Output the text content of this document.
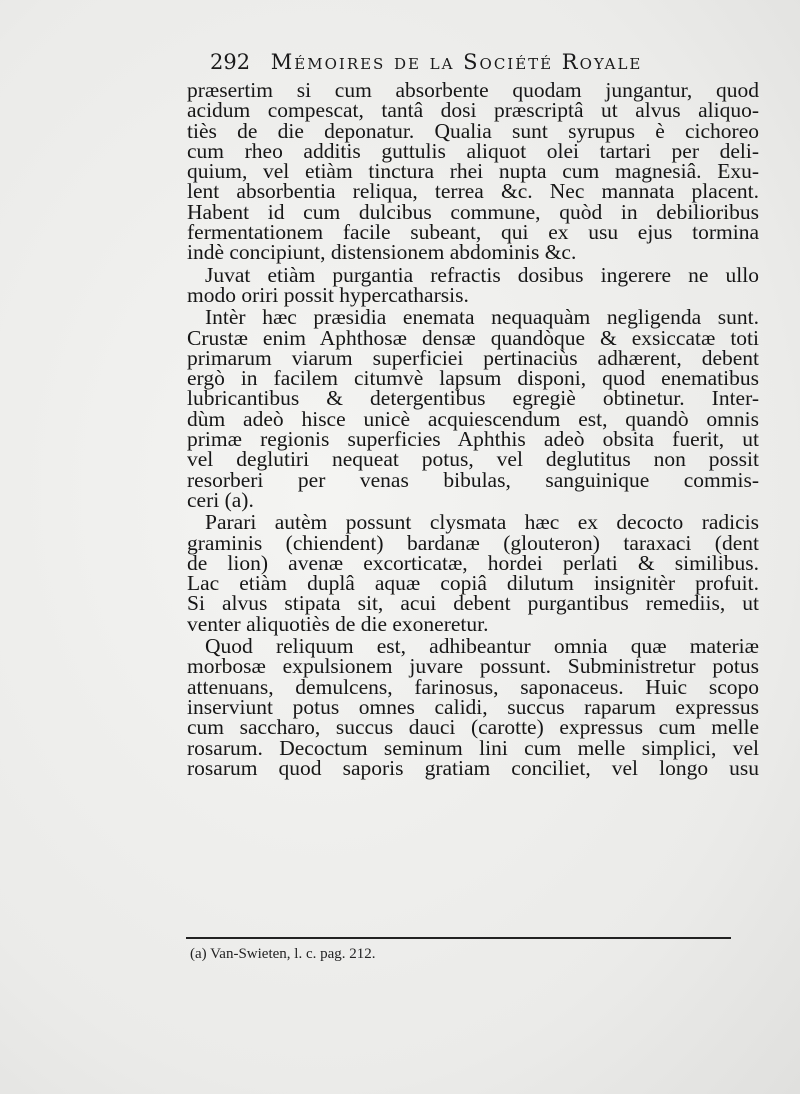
292 Mémoires de la Société Royale
præsertim si cum absorbente quodam jungantur, quod
acidum compescat, tantâ dosi præscriptâ ut alvus aliquo-
tiès de die deponatur. Qualia sunt syrupus è cichoreo
cum rheo additis guttulis aliquot olei tartari per deli-
quium, vel etiàm tinctura rhei nupta cum magnesiâ. Exu-
lent absorbentia reliqua, terrea &c. Nec mannata placent.
Habent id cum dulcibus commune, quòd in debilioribus
fermentationem facile subeant, qui ex usu ejus tormina
indè concipiunt, distensionem abdominis &c.
Juvat etiàm purgantia refractis dosibus ingerere ne ullo
modo oriri possit hypercatharsis.
Intèr hæc præsidia enemata nequaquàm negligenda sunt.
Crustæ enim Aphthosæ densæ quandòque & exsiccatæ toti
primarum viarum superficiei pertinaciùs adhærent, debent
ergò in facilem citumvè lapsum disponi, quod enematibus
lubricantibus & detergentibus egregiè obtinetur. Inter-
dùm adeò hisce unicè acquiescendum est, quandò omnis
primæ regionis superficies Aphthis adeò obsita fuerit, ut
vel deglutiri nequeat potus, vel deglutitus non possit
resorberi per venas bibulas, sanguinique commis-
ceri (a).
Parari autèm possunt clysmata hæc ex decocto radicis
graminis (chiendent) bardanæ (glouteron) taraxaci (dent
de lion) avenæ excorticatæ, hordei perlati & similibus.
Lac etiàm duplâ aquæ copiâ dilutum insignitèr profuit.
Si alvus stipata sit, acui debent purgantibus remediis, ut
venter aliquotiès de die exoneretur.
Quod reliquum est, adhibeantur omnia quæ materiæ
morbosæ expulsionem juvare possunt. Subministretur potus
attenuans, demulcens, farinosus, saponaceus. Huic scopo
inserviunt potus omnes calidi, succus raparum expressus
cum saccharo, succus dauci (carotte) expressus cum melle
rosarum. Decoctum seminum lini cum melle simplici, vel
rosarum quod saporis gratiam conciliet, vel longo usu
(a) Van-Swieten, l. c. pag. 212.
